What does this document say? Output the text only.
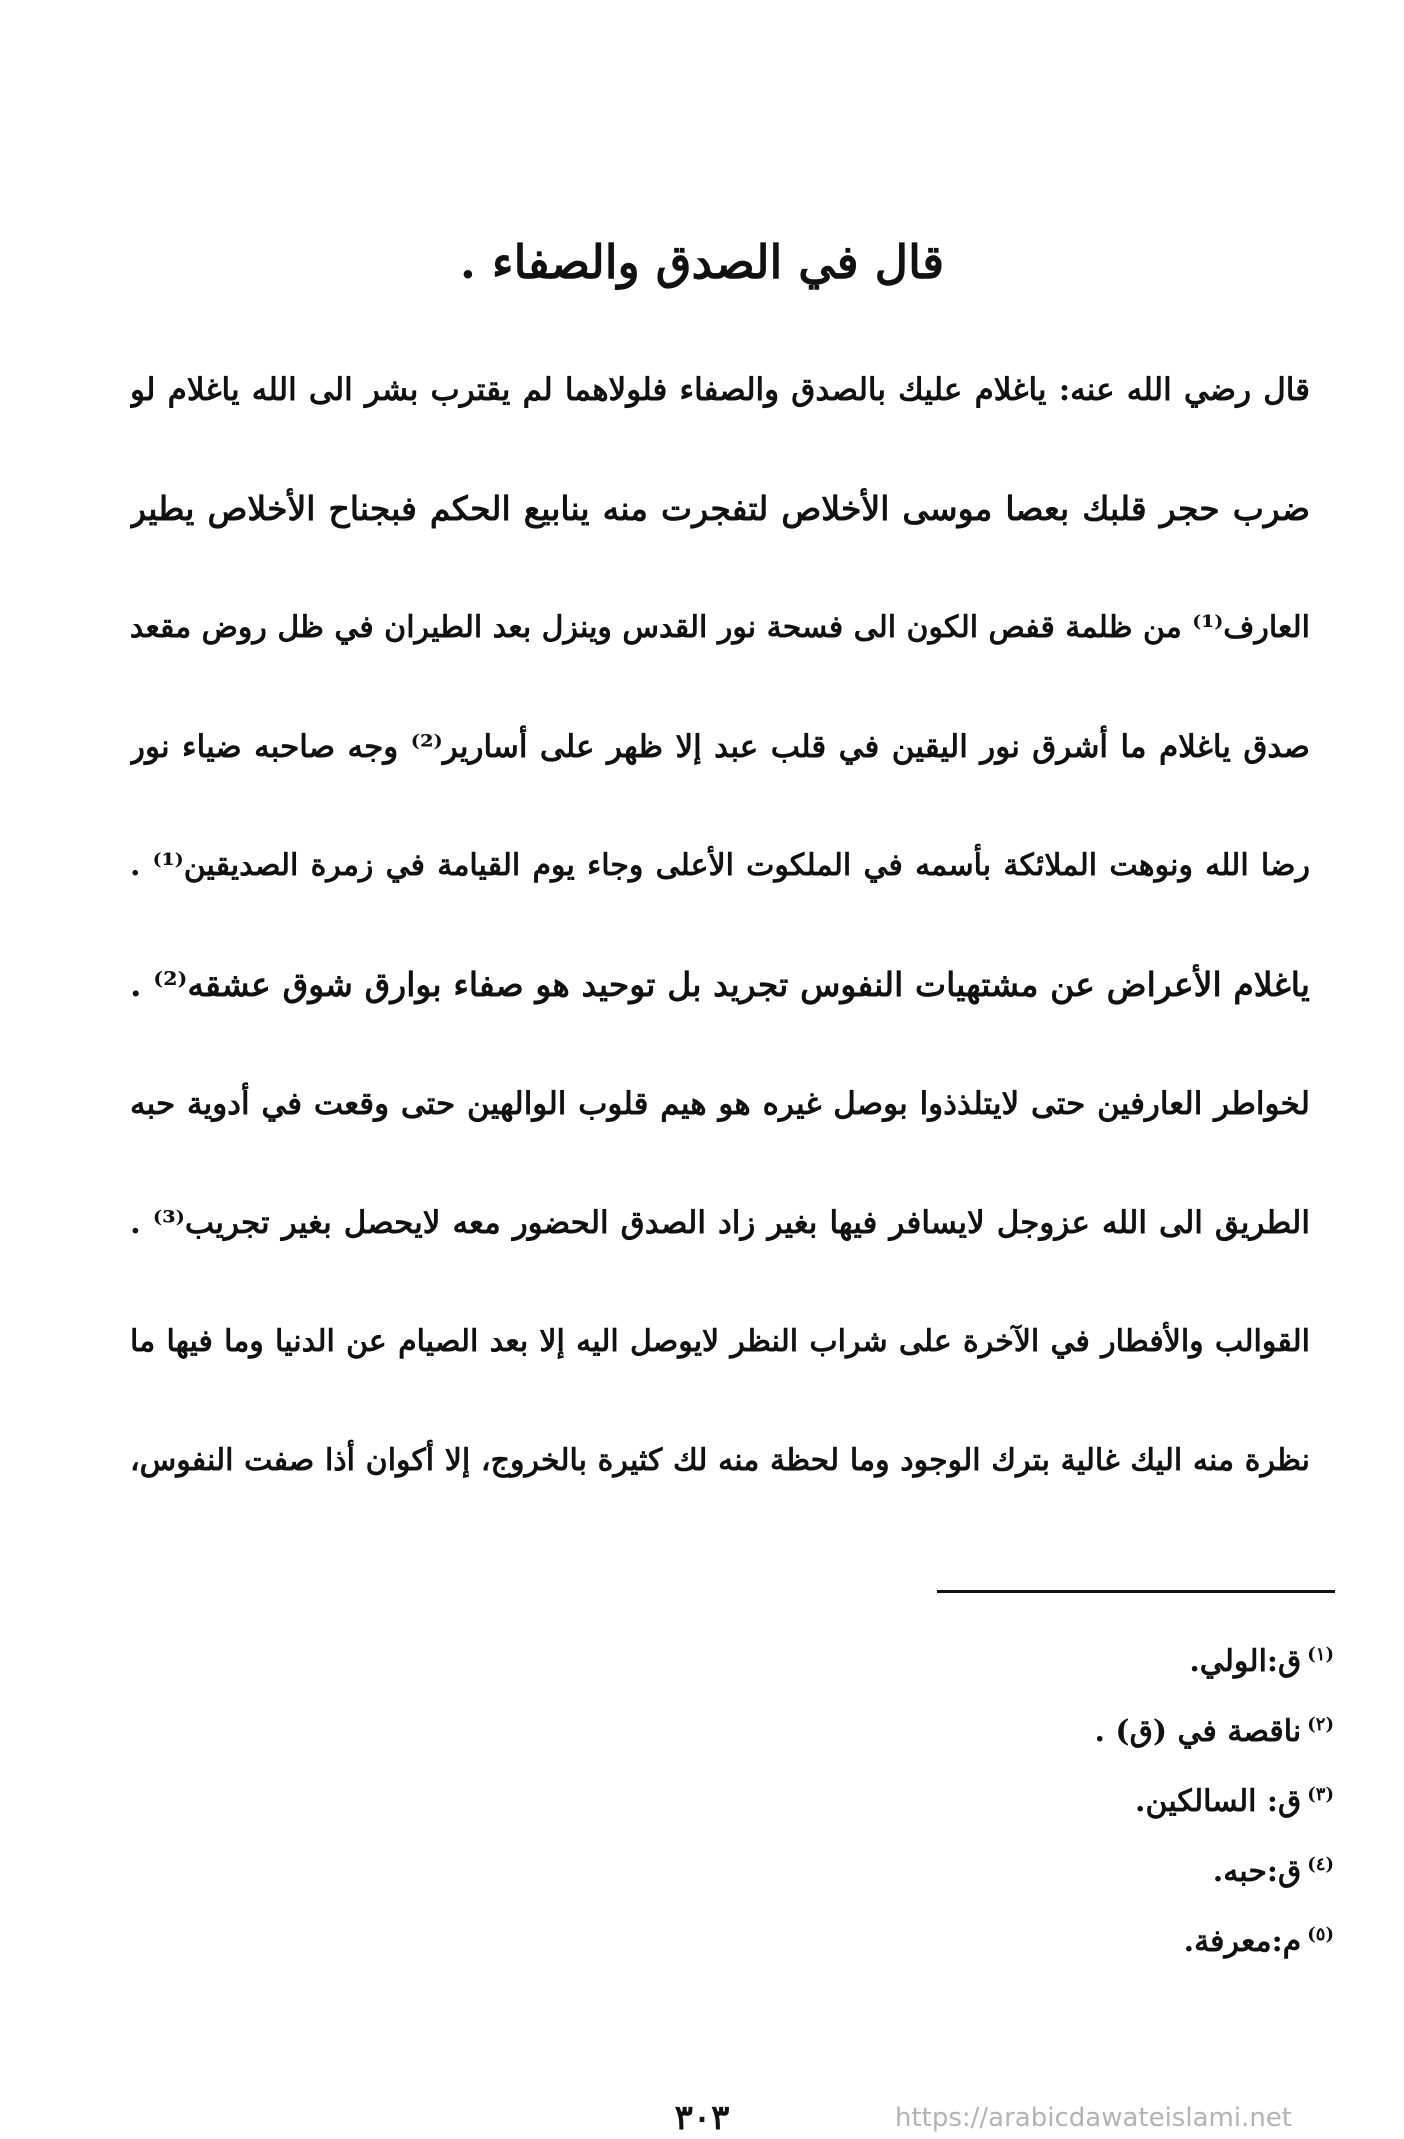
قال في الصدق والصفاء .
قال رضي الله عنه: ياغلام عليك بالصدق والصفاء فلولاهما لم يقترب بشر الى الله ياغلام لو
ضرب حجر قلبك بعصا موسى الأخلاص لتفجرت منه ينابيع الحكم فبجناح الأخلاص يطير
العارف⁽¹⁾ من ظلمة قفص الكون الى فسحة نور القدس وينزل بعد الطيران في ظل روض مقعد
صدق ياغلام ما أشرق نور اليقين في قلب عبد إلا ظهر على أسارير⁽²⁾ وجه صاحبه ضياء نور
رضا الله ونوهت الملائكة بأسمه في الملكوت الأعلى وجاء يوم القيامة في زمرة الصديقين⁽¹⁾ .
ياغلام الأعراض عن مشتهيات النفوس تجريد بل توحيد هو صفاء بوارق شوق عشقه⁽²⁾ .
لخواطر العارفين حتى لايتلذذوا بوصل غيره هو هيم قلوب الوالهين حتى وقعت في أدوية حبه
الطريق الى الله عزوجل لايسافر فيها بغير زاد الصدق الحضور معه لايحصل بغير تجريب⁽³⁾ .
القوالب والأفطار في الآخرة على شراب النظر لايوصل اليه إلا بعد الصيام عن الدنيا وما فيها ما
نظرة منه اليك غالية بترك الوجود وما لحظة منه لك كثيرة بالخروج، إلا أكوان أذا صفت النفوس،
$^{(١)}$ق:الولي.
$^{(٢)}$ناقصة في (ق) .
$^{(٣)}$ق: السالكين.
$^{(٤)}$ق:حبه.
$^{(٥)}$م:معرفة.
٣٠٣	https://arabicdawateislami.net
